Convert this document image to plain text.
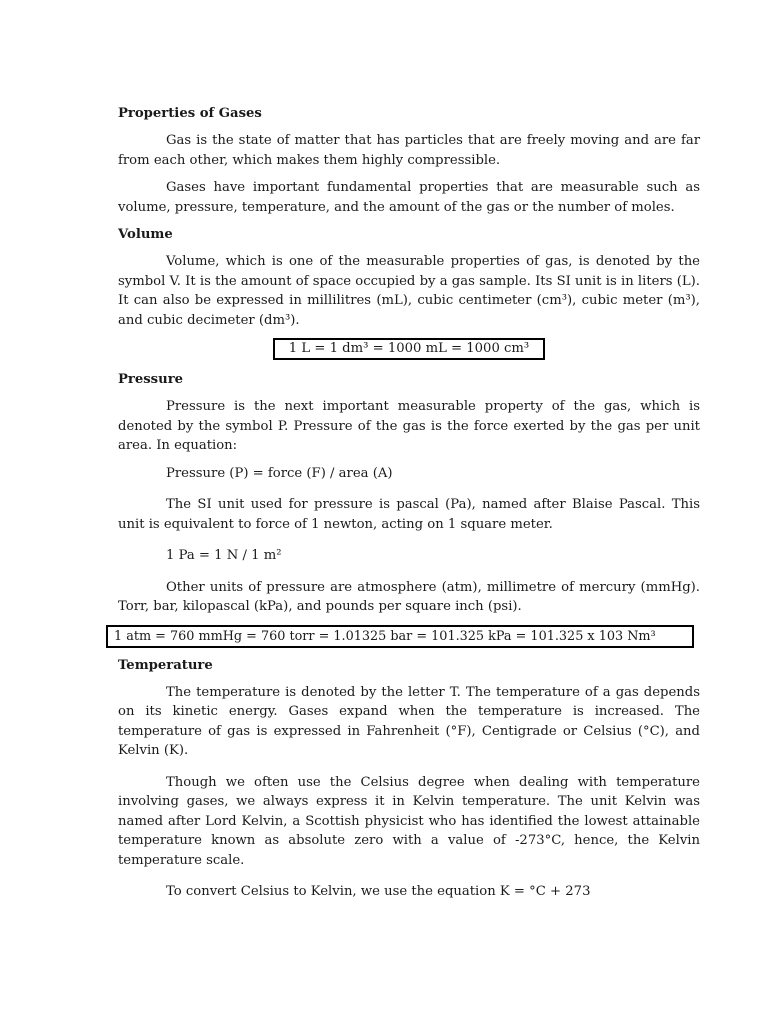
Properties of Gases

Gas is the state of matter that has particles that are freely moving and are far from each other, which makes them highly compressible.

Gases have important fundamental properties that are measurable such as volume, pressure, temperature, and the amount of the gas or the number of moles.

Volume

Volume, which is one of the measurable properties of gas, is denoted by the symbol V. It is the amount of space occupied by a gas sample. Its SI unit is in liters (L). It can also be expressed in millilitres (mL), cubic centimeter (cm³), cubic meter (m³), and cubic decimeter (dm³).

1 L = 1 dm³ = 1000 mL = 1000 cm³
Pressure

Pressure is the next important measurable property of the gas, which is denoted by the symbol P. Pressure of the gas is the force exerted by the gas per unit area. In equation:

Pressure (P) = force (F) / area (A)

The SI unit used for pressure is pascal (Pa), named after Blaise Pascal. This unit is equivalent to force of 1 newton, acting on 1 square meter.

1 Pa = 1 N / 1 m²

Other units of pressure are atmosphere (atm), millimetre of mercury (mmHg). Torr, bar, kilopascal (kPa), and pounds per square inch (psi).

1 atm = 760 mmHg = 760 torr = 1.01325 bar = 101.325 kPa = 101.325 x 103 Nm³
Temperature

The temperature is denoted by the letter T. The temperature of a gas depends on its kinetic energy. Gases expand when the temperature is increased. The temperature of gas is expressed in Fahrenheit (°F), Centigrade or Celsius (°C), and Kelvin (K).

Though we often use the Celsius degree when dealing with temperature involving gases, we always express it in Kelvin temperature. The unit Kelvin was named after Lord Kelvin, a Scottish physicist who has identified the lowest attainable temperature known as absolute zero with a value of -273°C, hence, the Kelvin temperature scale.

To convert Celsius to Kelvin, we use the equation K = °C + 273
